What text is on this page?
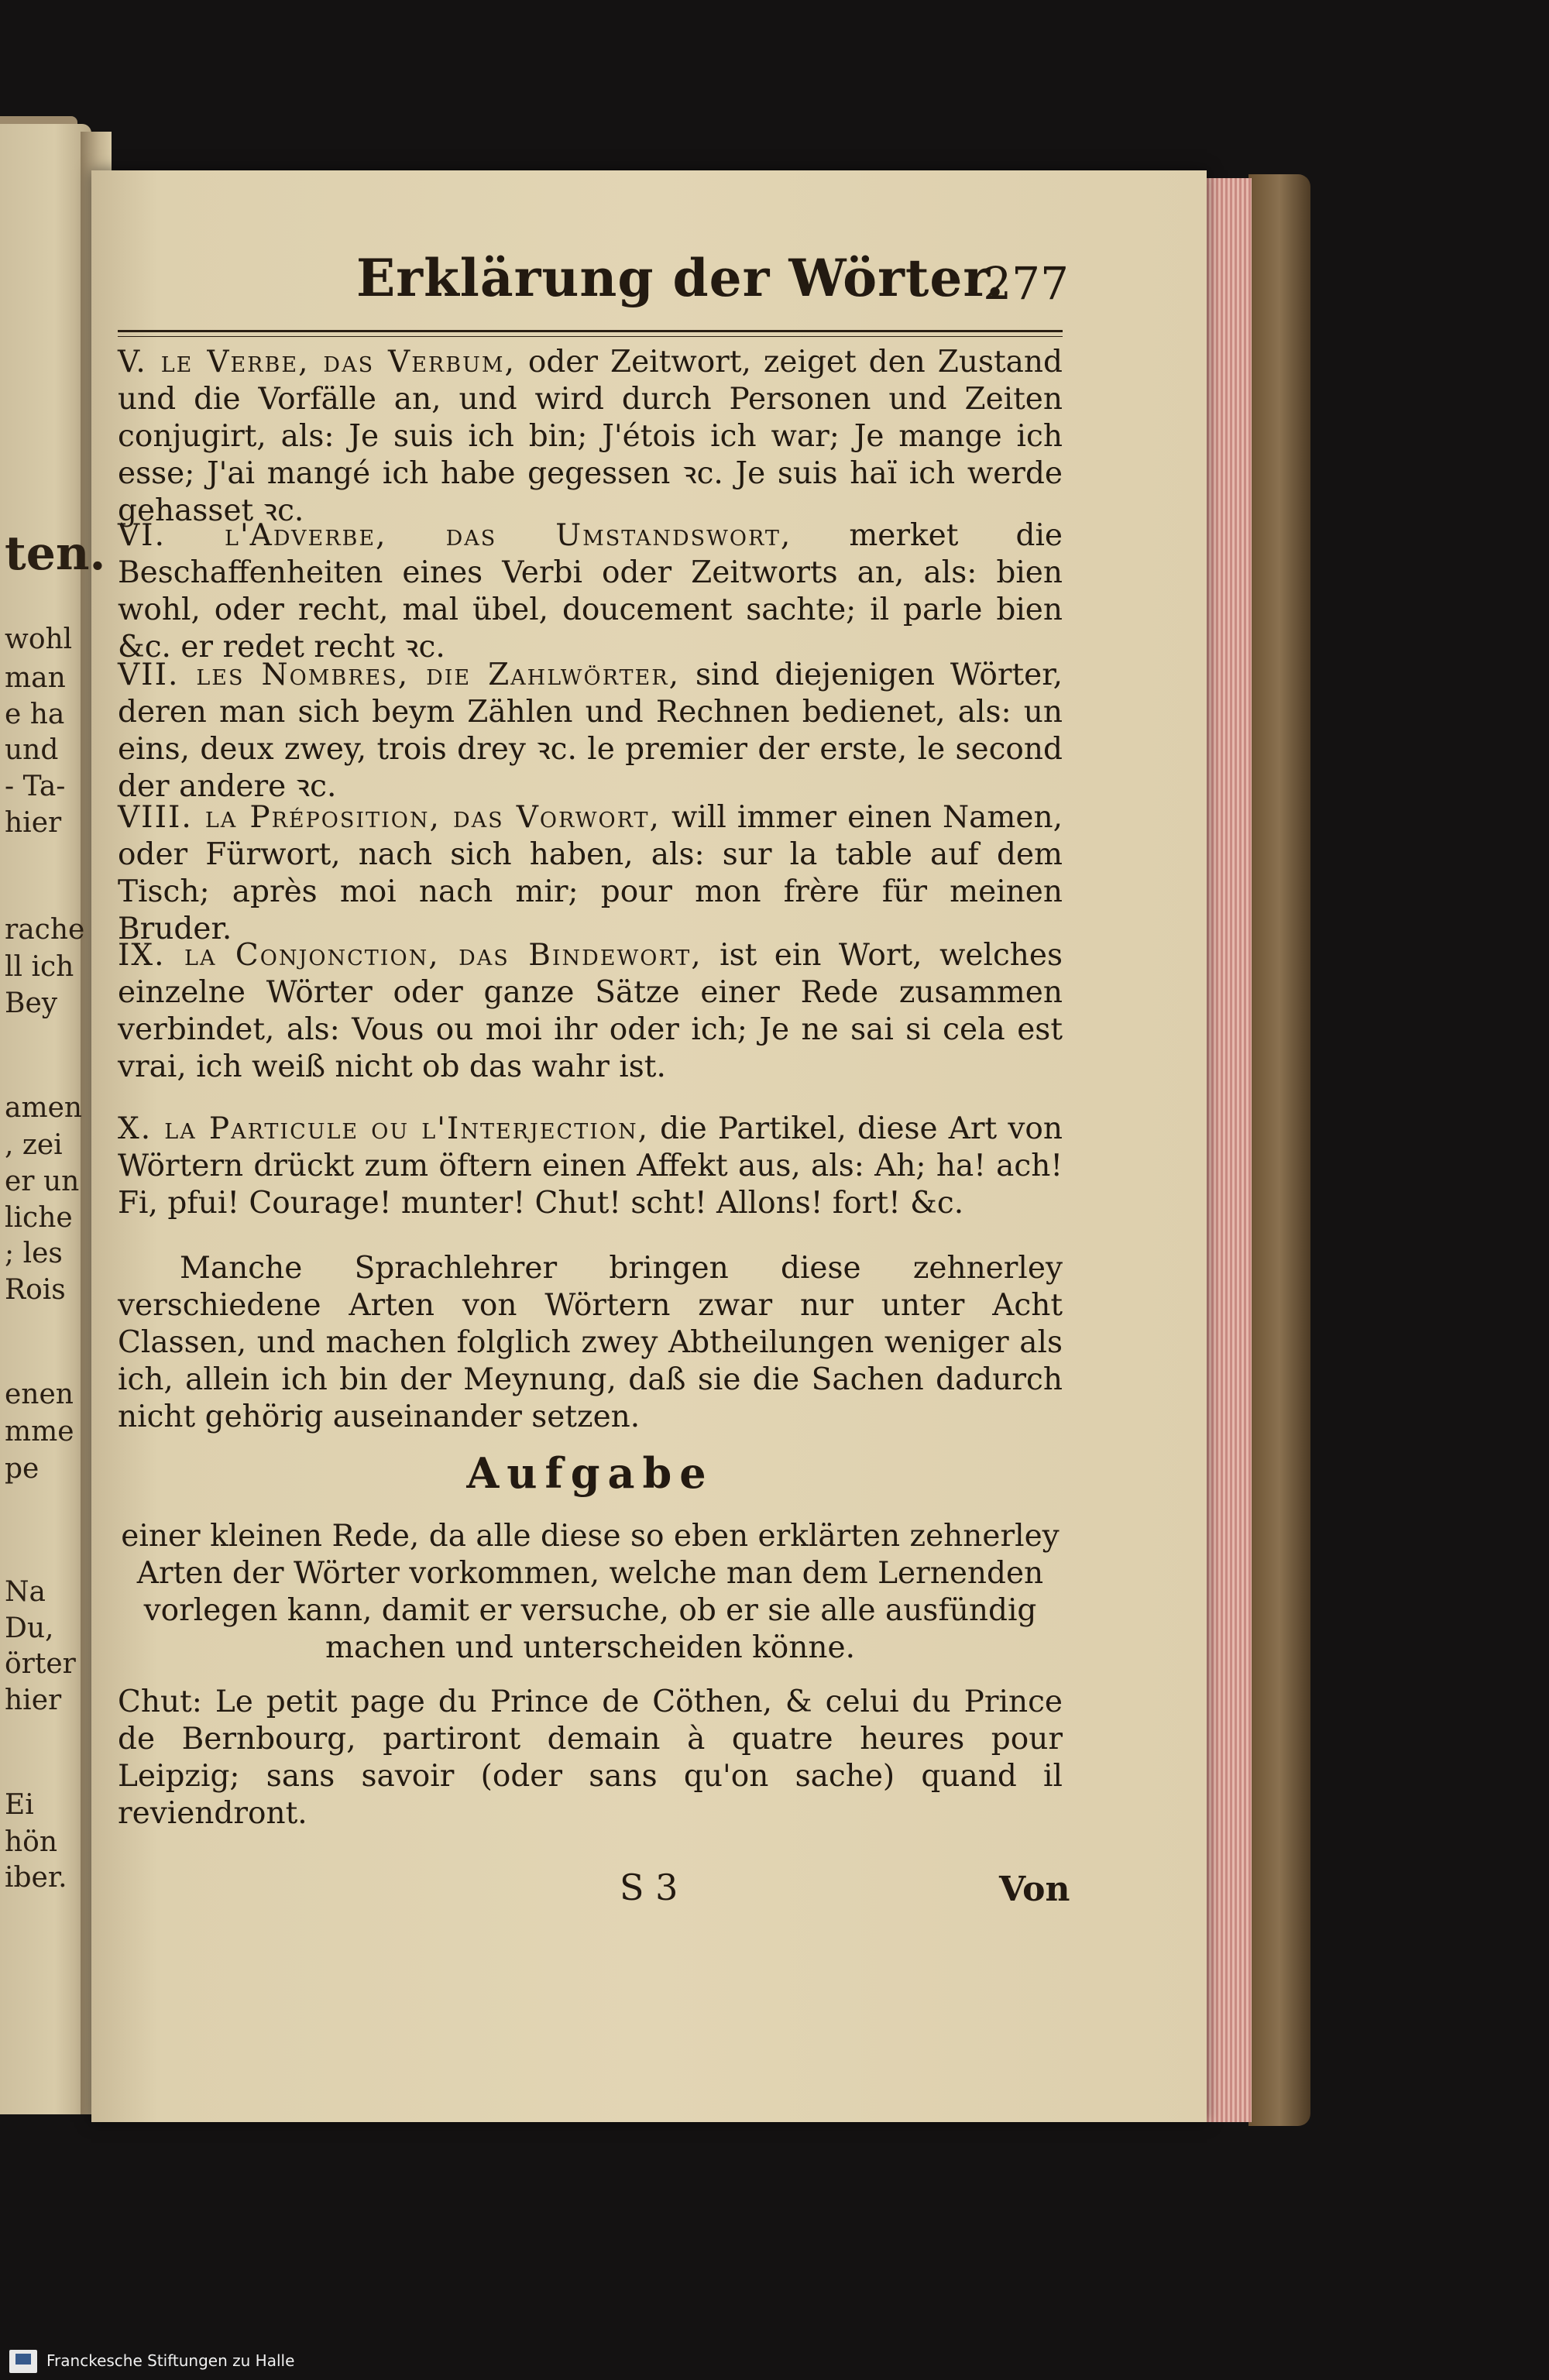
ten.
wohl
man
e ha
und
- Ta-
hier
rache
ll ich
Bey
amen
, zei
er un
liche
; les
Rois
enen
mme
pe
Na
Du,
örter
hier
Ei
hön
iber.
Erklärung der Wörter.
277

V. le Verbe, das Verbum, oder Zeitwort, zeiget den Zustand und die Vorfälle an, und wird durch Personen und Zeiten conjugirt, als: Je suis ich bin; J'étois ich war; Je mange ich esse; J'ai mangé ich habe gegessen ꝛc. Je suis haï ich werde gehasset ꝛc.

VI. l'Adverbe, das Umstandswort, merket die Beschaffenheiten eines Verbi oder Zeitworts an, als: bien wohl, oder recht, mal übel, doucement sachte; il parle bien &c. er redet recht ꝛc.

VII. les Nombres, die Zahlwörter, sind diejenigen Wörter, deren man sich beym Zählen und Rechnen bedienet, als: un eins, deux zwey, trois drey ꝛc. le premier der erste, le second der andere ꝛc.

VIII. la Préposition, das Vorwort, will immer einen Namen, oder Fürwort, nach sich haben, als: sur la table auf dem Tisch; après moi nach mir; pour mon frère für meinen Bruder.

IX. la Conjonction, das Bindewort, ist ein Wort, welches einzelne Wörter oder ganze Sätze einer Rede zusammen verbindet, als: Vous ou moi ihr oder ich; Je ne sai si cela est vrai, ich weiß nicht ob das wahr ist.

X. la Particule ou l'Interjection, die Partikel, diese Art von Wörtern drückt zum öftern einen Affekt aus, als: Ah; ha! ach! Fi, pfui! Courage! munter! Chut! scht! Allons! fort! &c.

Manche Sprachlehrer bringen diese zehnerley verschiedene Arten von Wörtern zwar nur unter Acht Classen, und machen folglich zwey Abtheilungen weniger als ich, allein ich bin der Meynung, daß sie die Sachen dadurch nicht gehörig auseinander setzen.

Aufgabe
einer kleinen Rede, da alle diese so eben erklärten zehnerley Arten der Wörter vorkommen, welche man dem Lernenden vorlegen kann, damit er versuche, ob er sie alle ausfündig machen und unterscheiden könne.

Chut: Le petit page du Prince de Cöthen, & celui du Prince de Bernbourg, partiront demain à quatre heures pour Leipzig; sans savoir (oder sans qu'on sache) quand il reviendront.

S 3	Von
Franckesche Stiftungen zu Halle
